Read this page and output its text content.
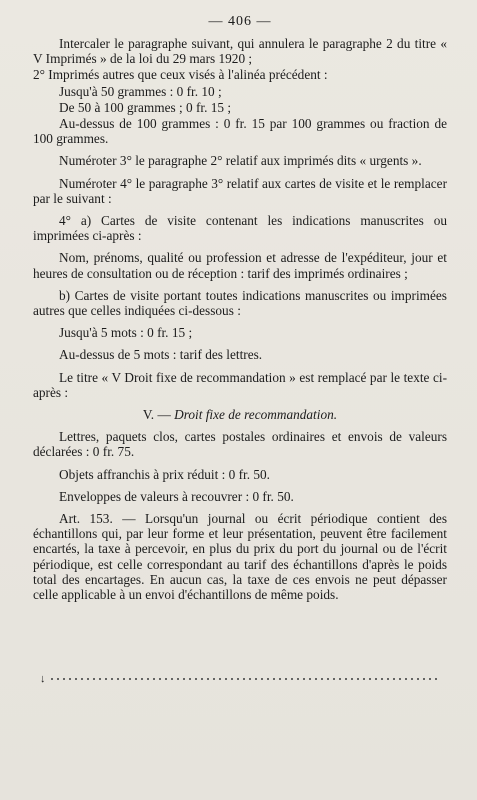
— 406 —

Intercaler le paragraphe suivant, qui annulera le paragraphe 2 du titre « V Imprimés » de la loi du 29 mars 1920 ;

2° Imprimés autres que ceux visés à l'alinéa précédent :

Jusqu'à 50 grammes : 0 fr. 10 ;

De 50 à 100 grammes ; 0 fr. 15 ;

Au-dessus de 100 grammes : 0 fr. 15 par 100 grammes ou fraction de 100 grammes.

Numéroter 3° le paragraphe 2° relatif aux imprimés dits « urgents ».

Numéroter 4° le paragraphe 3° relatif aux cartes de visite et le remplacer par le suivant :

4° a) Cartes de visite contenant les indications manuscrites ou imprimées ci-après :

Nom, prénoms, qualité ou profession et adresse de l'expéditeur, jour et heures de consultation ou de réception : tarif des imprimés ordinaires ;

b) Cartes de visite portant toutes indications manuscrites ou imprimées autres que celles indiquées ci-dessous :

Jusqu'à 5 mots : 0 fr. 15 ;

Au-dessus de 5 mots : tarif des lettres.

Le titre « V Droit fixe de recommandation » est remplacé par le texte ci-après :

V. — Droit fixe de recommandation.

Lettres, paquets clos, cartes postales ordinaires et envois de valeurs déclarées : 0 fr. 75.

Objets affranchis à prix réduit : 0 fr. 50.

Enveloppes de valeurs à recouvrer : 0 fr. 50.

Art. 153. — Lorsqu'un journal ou écrit périodique contient des échantillons qui, par leur forme et leur présentation, peuvent être facilement encartés, la taxe à percevoir, en plus du prix du port du journal ou de l'écrit périodique, est celle correspondant au tarif des échantillons d'après le poids total des encartages. En aucun cas, la taxe de ces envois ne peut dépasser celle applicable à un envoi d'échantillons de même poids.

↓
